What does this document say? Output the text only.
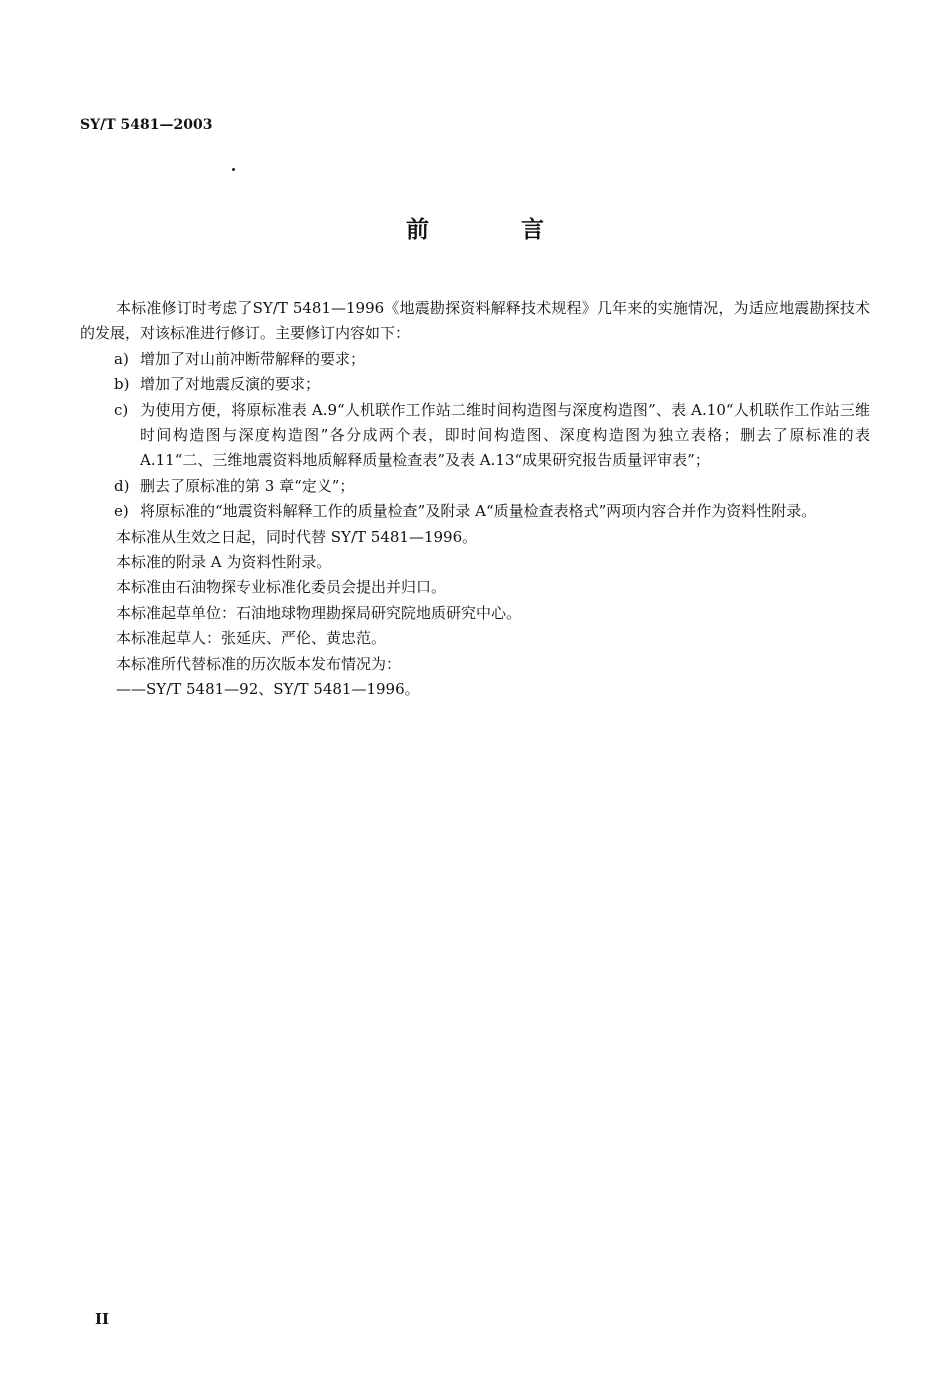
SY/T 5481—2003
前 言

本标准修订时考虑了SY/T 5481—1996《地震勘探资料解释技术规程》几年来的实施情况，为适应地震勘探技术的发展，对该标准进行修订。主要修订内容如下：

a) 增加了对山前冲断带解释的要求；

b) 增加了对地震反演的要求；

c) 为使用方便，将原标准表 A.9“人机联作工作站二维时间构造图与深度构造图”、表 A.10“人机联作工作站三维时间构造图与深度构造图”各分成两个表，即时间构造图、深度构造图为独立表格；删去了原标准的表 A.11“二、三维地震资料地质解释质量检查表”及表 A.13“成果研究报告质量评审表”；

d) 删去了原标准的第 3 章“定义”；

e) 将原标准的“地震资料解释工作的质量检查”及附录 A“质量检查表格式”两项内容合并作为资料性附录。

本标准从生效之日起，同时代替 SY/T 5481—1996。

本标准的附录 A 为资料性附录。

本标准由石油物探专业标准化委员会提出并归口。

本标准起草单位：石油地球物理勘探局研究院地质研究中心。

本标准起草人：张延庆、严伦、黄忠范。

本标准所代替标准的历次版本发布情况为：

——SY/T 5481—92、SY/T 5481—1996。

II
